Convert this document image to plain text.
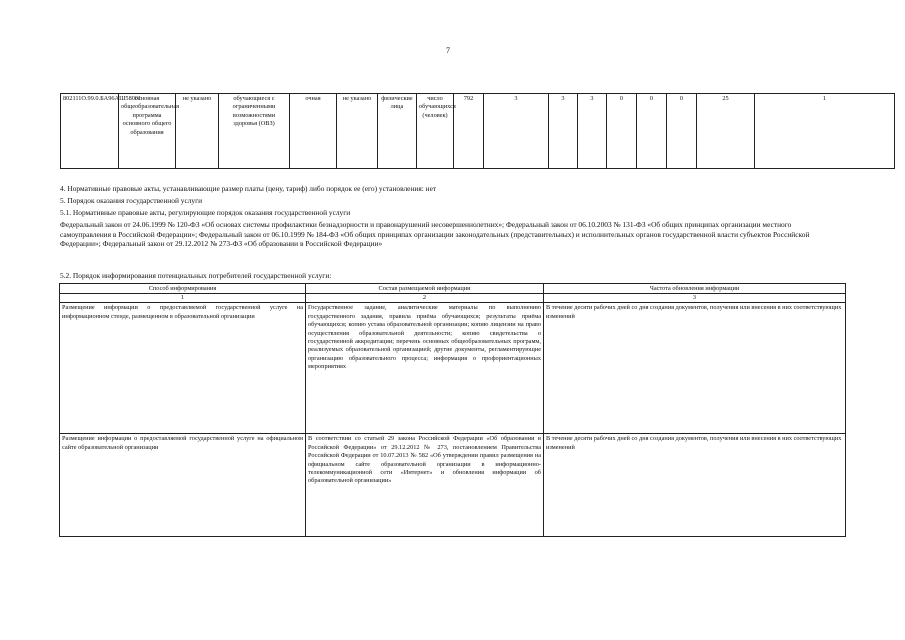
7
802111О.99.0.БА96АШ58001	основная общеобразовательная программа основного общего образования	не указано	обучающиеся с ограниченными возможностями здоровья (ОВЗ)	очная	не указано	физические лица	число обучающихся (человек)	792	3	3	3	0	0	0	25	1
4. Нормативные правовые акты, устанавливающие размер платы (цену, тариф) либо порядок ее (его) установления: нет
5. Порядок оказания государственной услуги
5.1. Нормативные правовые акты, регулирующие порядок оказания государственной услуги
Федеральный закон от 24.06.1999 № 120-ФЗ «Об основах системы профилактики безнадзорности и правонарушений несовершеннолетних»; Федеральный закон от 06.10.2003 № 131-ФЗ «Об общих принципах организации местного самоуправления в Российской Федерации»; Федеральный закон от 06.10.1999 № 184-ФЗ «Об общих принципах организации законодательных (представительных) и исполнительных органов государственной власти субъектов Российской Федерации»; Федеральный закон от 29.12.2012 № 273-ФЗ «Об образовании в Российской Федерации»
5.2. Порядок информирования потенциальных потребителей государственной услуги:
Способ информирования	Состав размещаемой информации	Частота обновления информации
1	2	3
Размещение информации о предоставляемой государственной услуге на информационном стенде, размещенном в образовательной организации	Государственное задание, аналитические материалы по выполнению государственного задания, правила приёма обучающихся; результаты приёма обучающихся; копию устава образовательной организации; копию лицензии на право осуществления образовательной деятельности; копию свидетельства о государственной аккредитации; перечень основных общеобразовательных программ, реализуемых образовательной организацией; другие документы, регламентирующие организацию образовательного процесса; информация о профориентационных мероприятиях	В течение десяти рабочих дней со дня создания документов, получения или внесения в них соответствующих изменений
Размещение информации о предоставляемой государственной услуге на официальном сайте образовательной организации	В соответствии со статьей 29 закона Российской Федерации «Об образовании в Российской Федерации» от 29.12.2012 № 273, постановлением Правительства Российской Федерации от 10.07.2013 № 582 «Об утверждении правил размещения на официальном сайте образовательной организации в информационно-телекоммуникационной сети «Интернет» и обновления информации об образовательной организации»	В течение десяти рабочих дней со дня создания документов, получения или внесения в них соответствующих изменений
